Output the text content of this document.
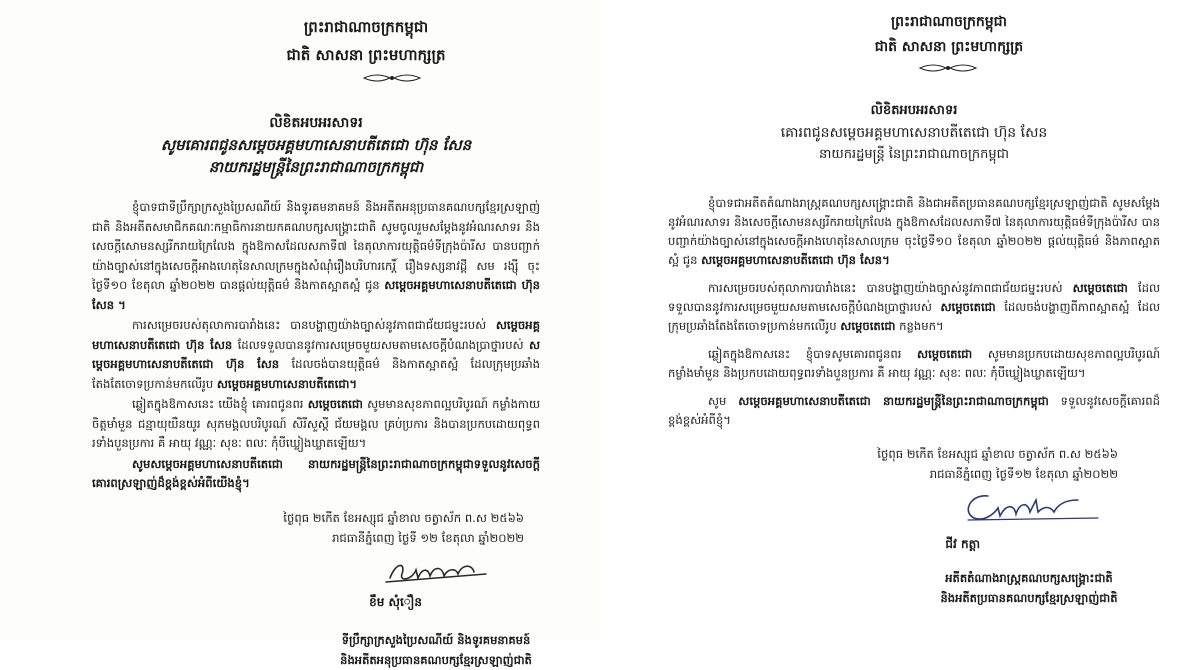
ព្រះរាជាណាចក្រកម្ពុជា
ជាតិ សាសនា ព្រះមហាក្សត្រ
លិខិតអបអរសាទរ
សូមគោរពជូនសម្តេចអគ្គមហាសេនាបតីតេជោ ហ៊ុន សែន
នាយករដ្ឋមន្ត្រីនៃព្រះរាជាណាចក្រកម្ពុជា

ខ្ញុំបាទជាទីប្រឹក្សាក្រសួងប្រៃសណីយ៍ និងទូរគមនាគមន៍ និងអតីតអនុប្រធានគណបក្សខ្មែរស្រឡាញ់ជាតិ និងអតីតសមាជិកគណៈកម្មាធិការនាយកគណបក្សសង្គ្រោះជាតិ សូមចូលរួមសម្តែងនូវអំណរសាទរ និងសេចក្តីសោមនស្សរីករាយក្រៃលែង ក្នុងឱកាសដែលសភាទី៧ នៃតុលាការយុត្តិធម៌ទីក្រុងប៉ារីស បានបញ្ជាក់យ៉ាងច្បាស់នៅក្នុងសេចក្តីអាងហេតុនៃសាលក្រមក្នុងសំណុំរឿងបរិហារកេរ្តិ៍ រឿងទស្សនាវដ្តី សម រង្ស៊ី ចុះថ្ងៃទី១០ ខែតុលា ឆ្នាំ២០២២ បានផ្តល់យុត្តិធម៌ និងកាតស្អាតស្អំ ជូន សម្តេចអគ្គមហាសេនាបតីតេជោ ហ៊ុន សែន ។

ការសម្រេចរបស់តុលាការបារាំងនេះ បានបង្ហាញយ៉ាងច្បាស់នូវភាពជាជ័យជម្នះរបស់ សម្តេចអគ្គមហាសេនាបតីតេជោ ហ៊ុន សែន ដែលទទួលបាននូវការសម្រេចមួយសមតាមសេចក្តីបំណងប្រាថ្នារបស់ សម្តេចអគ្គមហាសេនាបតីតេជោ ហ៊ុន សែន ដែលចង់បានយុត្តិធម៌ និងកាតស្អាតស្អំ ដែលក្រុមប្រឆាំងតែងតែចោទប្រកាន់មកលើរូប សម្តេចអគ្គមហាសេនាបតីតេជោ។

ឆ្លៀតក្នុងឱកាសនេះ យើងខ្ញុំ គោរពជូនពរ សម្តេចតេជោ សូមមានសុខភាពល្អបរិបូរណ៍ កម្លាំងកាយចិត្តមាំមួន ជន្មាយុយឺនយូរ សុភមង្គលបរិបូរណ៍ សិរីសួស្តី ជ័យមង្គល គ្រប់ប្រការ និងបានប្រកបដោយពុទ្ធពរទាំងបួនប្រការ គឺ អាយុ វណ្ណៈ សុខៈ ពលៈ កុំបីឃ្លៀងឃ្លាតឡើយ។

សូមសម្តេចអគ្គមហាសេនាបតីតេជោ នាយករដ្ឋមន្ត្រីនៃព្រះរាជាណាចក្រកម្ពុជាទទួលនូវសេចក្តីគោរពស្រឡាញ់ដ៏ខ្ពង់ខ្ពស់អំពីយើងខ្ញុំ។

ថ្ងៃពុធ ២កើត ខែអស្សុជ ឆ្នាំខាល ចត្វាស័ក ព.ស ២៥៦៦
រាជធានីភ្នំពេញ ថ្ងៃទី ១២ ខែតុលា ឆ្នាំ២០២២
ខឹម សុំឿន
ទីប្រឹក្សាក្រសួងប្រៃសណីយ៍ និងទូរគមនាគមន៍
និងអតីតអនុប្រធានគណបក្សខ្មែរស្រឡាញ់ជាតិ
ព្រះរាជាណាចក្រកម្ពុជា
ជាតិ សាសនា ព្រះមហាក្សត្រ
លិខិតអបអរសាទរ
គោរពជូនសម្តេចអគ្គមហាសេនាបតីតេជោ ហ៊ុន សែន
នាយករដ្ឋមន្ត្រី នៃព្រះរាជាណាចក្រកម្ពុជា

ខ្ញុំបាទជាអតីតតំណាងរាស្ត្រគណបក្សសង្គ្រោះជាតិ និងជាអតីតប្រធានគណបក្សខ្មែរស្រឡាញ់ជាតិ សូមសម្តែងនូវអំណរសាទរ និងសេចក្តីសោមនស្សរីករាយក្រៃលែង ក្នុងឱកាសដែលសភាទី៧ នៃតុលាការយុត្តិធម៌ទីក្រុងប៉ារីស បានបញ្ជាក់យ៉ាងច្បាស់នៅក្នុងសេចក្តីអាងហេតុនៃសាលក្រម ចុះថ្ងៃទី១០ ខែតុលា ឆ្នាំ២០២២ ផ្តល់យុត្តិធម៌ និងភាពស្អាតស្អំ ជូន សម្តេចអគ្គមហាសេនាបតីតេជោ ហ៊ុន សែន។

ការសម្រេចរបស់តុលាការបារាំងនេះ បានបង្ហាញយ៉ាងច្បាស់នូវភាពជាជ័យជម្នះរបស់ សម្តេចតេជោ ដែលទទួលបាននូវការសម្រេចមួយសមតាមសេចក្តីបំណងប្រាថ្នារបស់ សម្តេចតេជោ ដែលចង់បង្ហាញពីភាពស្អាតស្អំ ដែលក្រុមប្រឆាំងតែងតែចោទប្រកាន់មកលើរូប សម្តេចតេជោ កន្លងមក។

ឆ្លៀតក្នុងឱកាសនេះ ខ្ញុំបាទសូមគោរពជូនពរ សម្តេចតេជោ សូមមានប្រកបដោយសុខភាពល្អបរិបូរណ៍ កម្លាំងមាំមួន និងប្រកបដោយពុទ្ធពរទាំងបួនប្រការ គឺ អាយុ វណ្ណៈ សុខៈ ពលៈ កុំបីឃ្លៀងឃ្លាតឡើយ។

សូម សម្តេចអគ្គមហាសេនាបតីតេជោ នាយករដ្ឋមន្ត្រីនៃព្រះរាជាណាចក្រកម្ពុជា ទទួលនូវសេចក្តីគោរពដ៏ខ្ពង់ខ្ពស់អំពីខ្ញុំ។

ថ្ងៃពុធ ២កើត ខែអស្សុជ ឆ្នាំខាល ចត្វាស័ក ព.ស ២៥៦៦
រាជធានីភ្នំពេញ ថ្ងៃទី១២ ខែតុលា ឆ្នាំ២០២២
ជីវ កត្តា
អតីតតំណាងរាស្ត្រគណបក្សសង្គ្រោះជាតិ
និងអតីតប្រធានគណបក្សខ្មែរស្រឡាញ់ជាតិ
